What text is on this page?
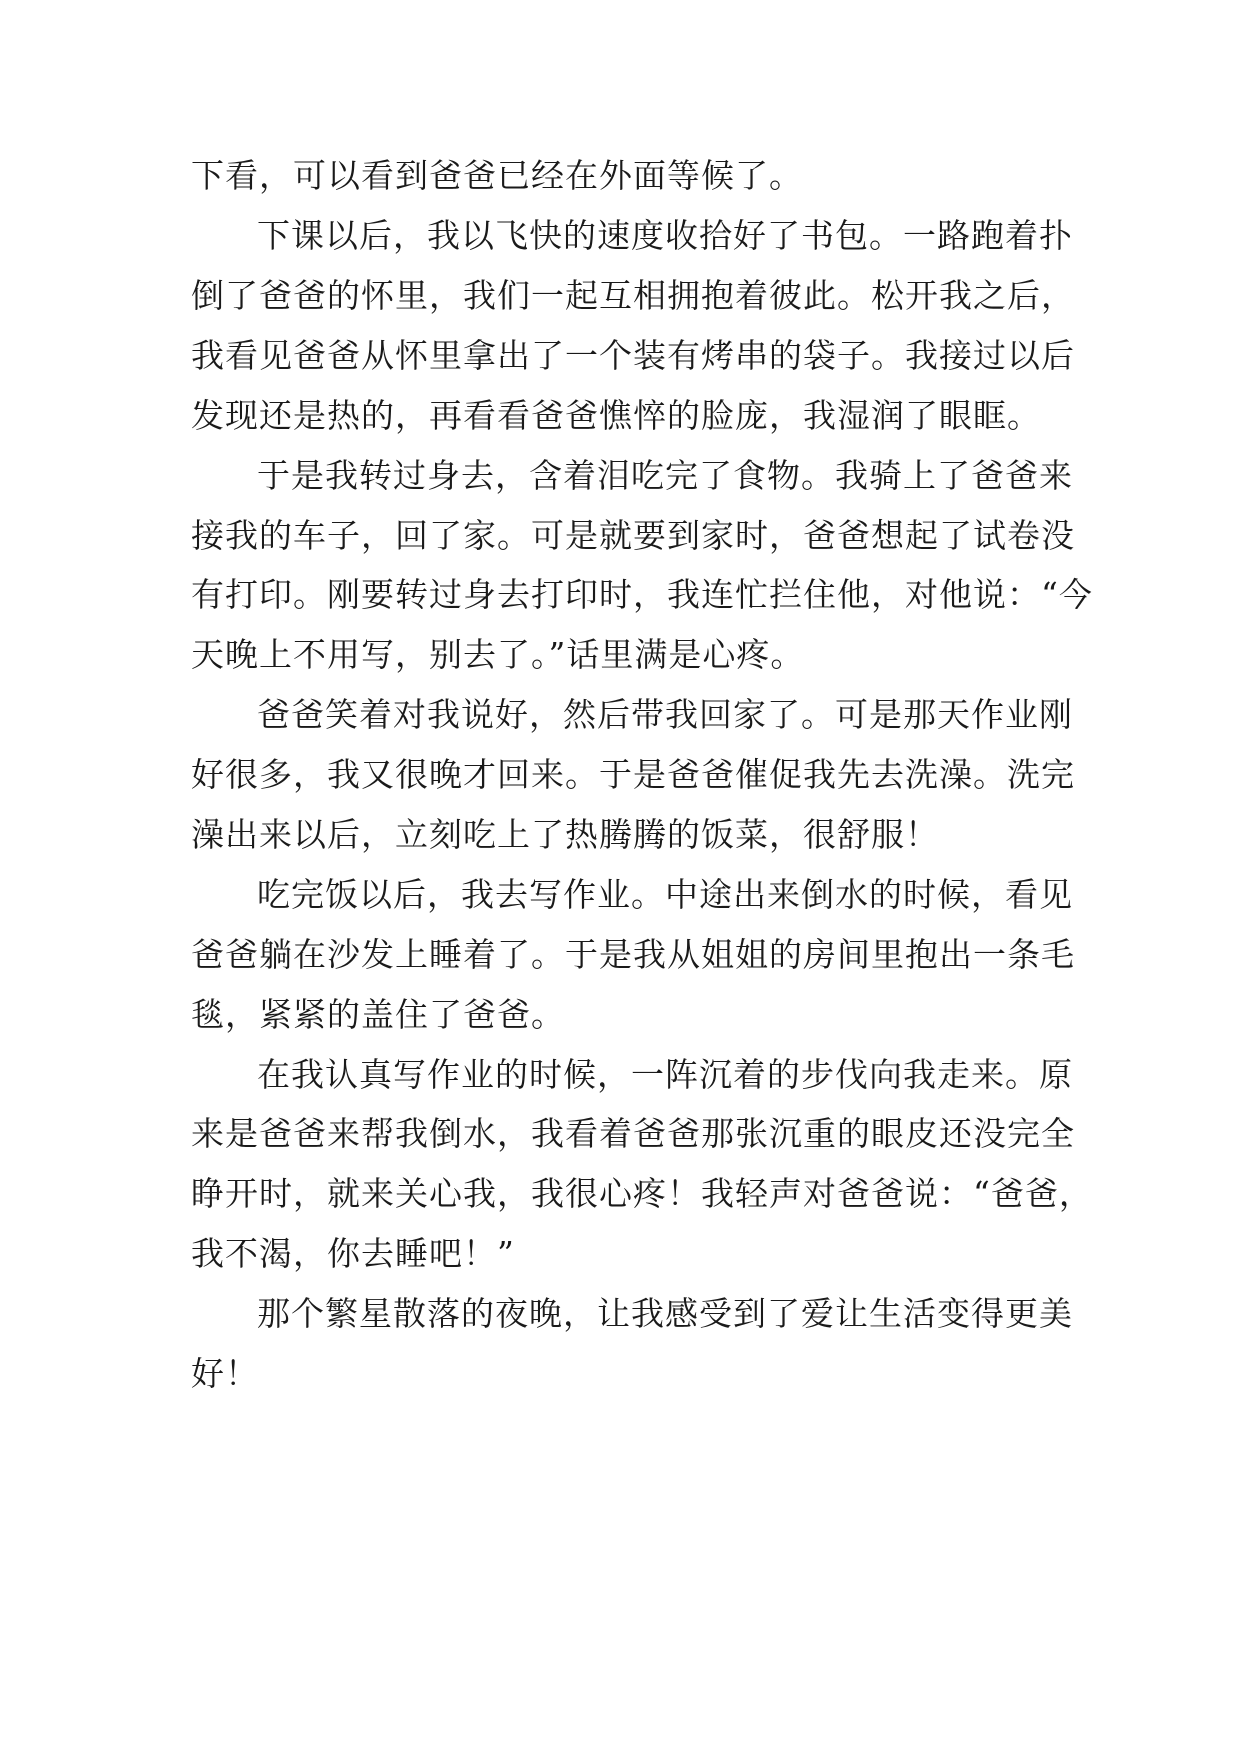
下看，可以看到爸爸已经在外面等候了。
下课以后，我以飞快的速度收拾好了书包。一路跑着扑
倒了爸爸的怀里，我们一起互相拥抱着彼此。松开我之后，
我看见爸爸从怀里拿出了一个装有烤串的袋子。我接过以后
发现还是热的，再看看爸爸憔悴的脸庞，我湿润了眼眶。
于是我转过身去，含着泪吃完了食物。我骑上了爸爸来
接我的车子，回了家。可是就要到家时，爸爸想起了试卷没
有打印。刚要转过身去打印时，我连忙拦住他，对他说：“今
天晚上不用写，别去了。”话里满是心疼。
爸爸笑着对我说好，然后带我回家了。可是那天作业刚
好很多，我又很晚才回来。于是爸爸催促我先去洗澡。洗完
澡出来以后，立刻吃上了热腾腾的饭菜，很舒服！
吃完饭以后，我去写作业。中途出来倒水的时候，看见
爸爸躺在沙发上睡着了。于是我从姐姐的房间里抱出一条毛
毯，紧紧的盖住了爸爸。
在我认真写作业的时候，一阵沉着的步伐向我走来。原
来是爸爸来帮我倒水，我看着爸爸那张沉重的眼皮还没完全
睁开时，就来关心我，我很心疼！我轻声对爸爸说：“爸爸，
我不渴，你去睡吧！”
那个繁星散落的夜晚，让我感受到了爱让生活变得更美
好！
